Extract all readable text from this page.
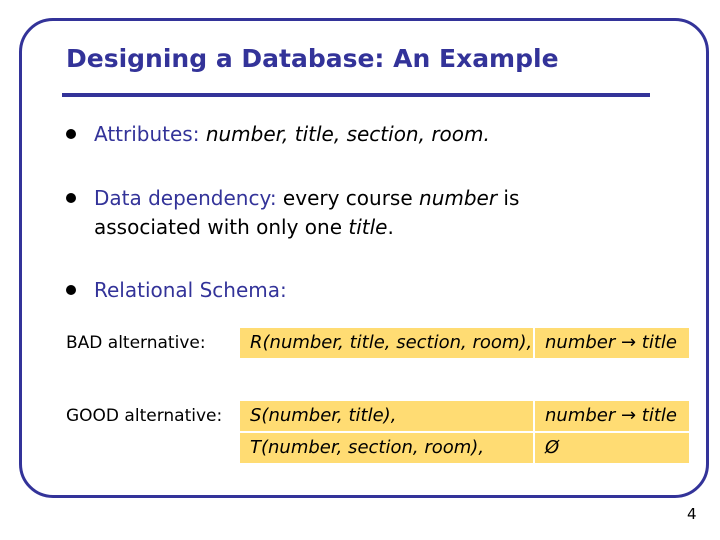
Designing a Database: An Example
Attributes: number, title, section, room.
Data dependency: every course number is
associated with only one title.
Relational Schema:
BAD alternative:	R(number, title, section, room), number → title
GOOD alternative:	S(number, title),	number → title
T(number, section, room),	Ø
4
